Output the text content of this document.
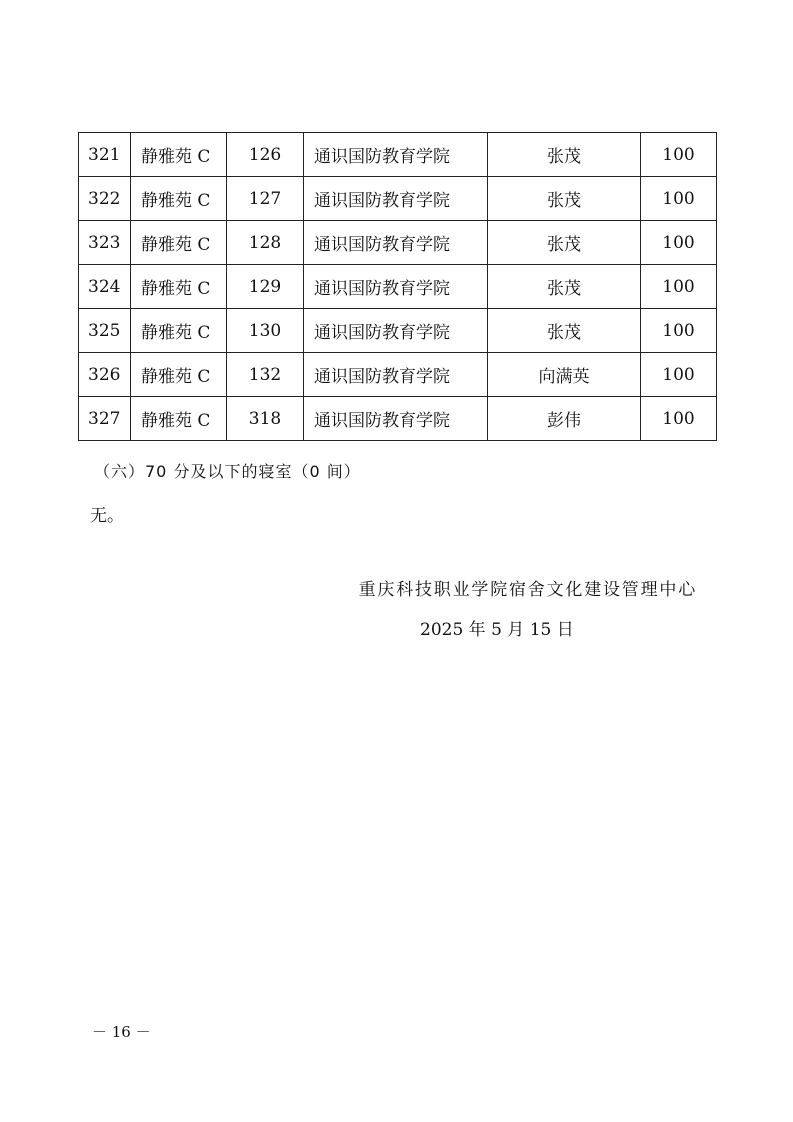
321	静雅苑 C	126	通识国防教育学院	张茂	100
322	静雅苑 C	127	通识国防教育学院	张茂	100
323	静雅苑 C	128	通识国防教育学院	张茂	100
324	静雅苑 C	129	通识国防教育学院	张茂	100
325	静雅苑 C	130	通识国防教育学院	张茂	100
326	静雅苑 C	132	通识国防教育学院	向满英	100
327	静雅苑 C	318	通识国防教育学院	彭伟	100
（六）70 分及以下的寝室（0 间）
无。
重庆科技职业学院宿舍文化建设管理中心
2025 年 5 月 15 日
－ 16 －
